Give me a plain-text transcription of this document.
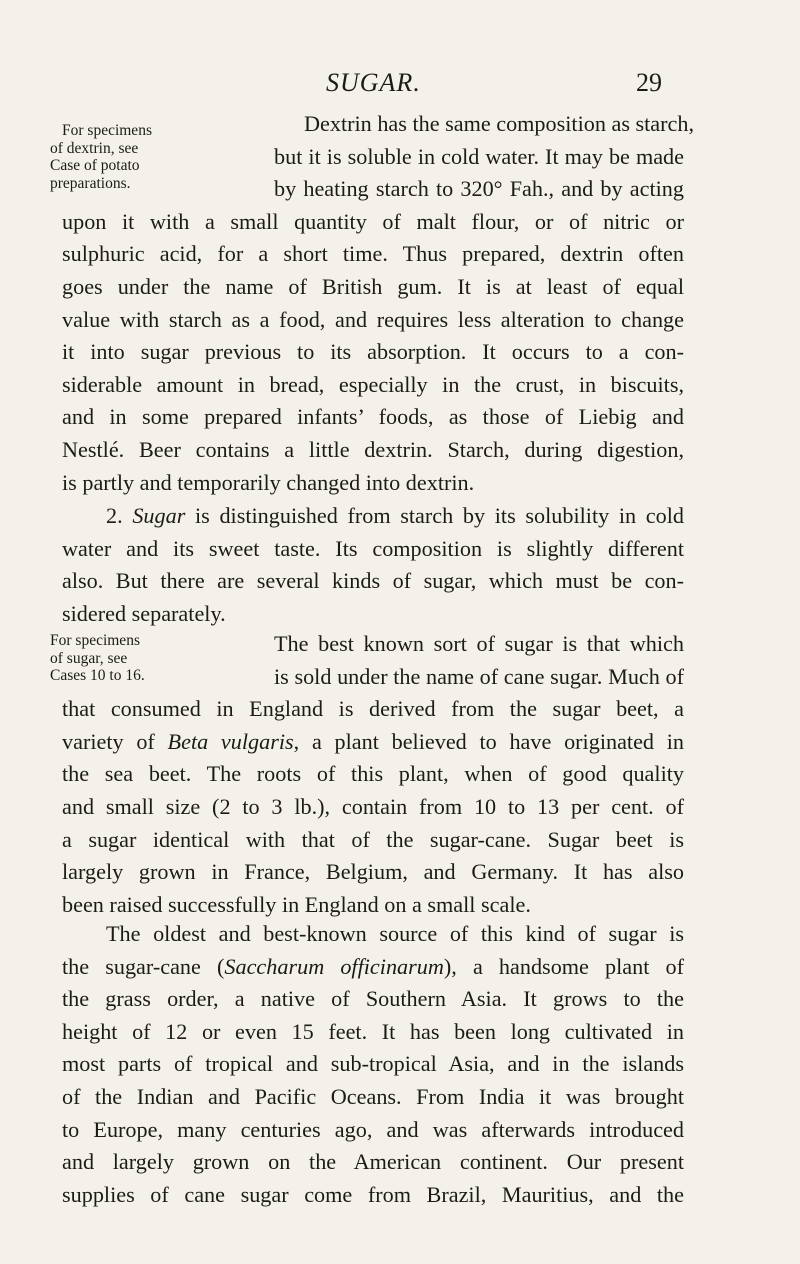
SUGAR.	29
For specimens
of dextrin, see
Case of potato
preparations.
Dextrin has the same composition as starch,
but it is soluble in cold water. It may be made
by heating starch to 320° Fah., and by acting
upon it with a small quantity of malt flour, or of nitric or
sulphuric acid, for a short time. Thus prepared, dextrin often
goes under the name of British gum. It is at least of equal
value with starch as a food, and requires less alteration to change
it into sugar previous to its absorption. It occurs to a con-
siderable amount in bread, especially in the crust, in biscuits,
and in some prepared infants’ foods, as those of Liebig and
Nestlé. Beer contains a little dextrin. Starch, during digestion,
is partly and temporarily changed into dextrin.
2. Sugar is distinguished from starch by its solubility in cold
water and its sweet taste. Its composition is slightly different
also. But there are several kinds of sugar, which must be con-
sidered separately.
For specimens
of sugar, see
Cases 10 to 16.
The best known sort of sugar is that which
is sold under the name of cane sugar. Much of
that consumed in England is derived from the sugar beet, a
variety of Beta vulgaris, a plant believed to have originated in
the sea beet. The roots of this plant, when of good quality
and small size (2 to 3 lb.), contain from 10 to 13 per cent. of
a sugar identical with that of the sugar-cane. Sugar beet is
largely grown in France, Belgium, and Germany. It has also
been raised successfully in England on a small scale.
The oldest and best-known source of this kind of sugar is
the sugar-cane (Saccharum officinarum), a handsome plant of
the grass order, a native of Southern Asia. It grows to the
height of 12 or even 15 feet. It has been long cultivated in
most parts of tropical and sub-tropical Asia, and in the islands
of the Indian and Pacific Oceans. From India it was brought
to Europe, many centuries ago, and was afterwards introduced
and largely grown on the American continent. Our present
supplies of cane sugar come from Brazil, Mauritius, and the
